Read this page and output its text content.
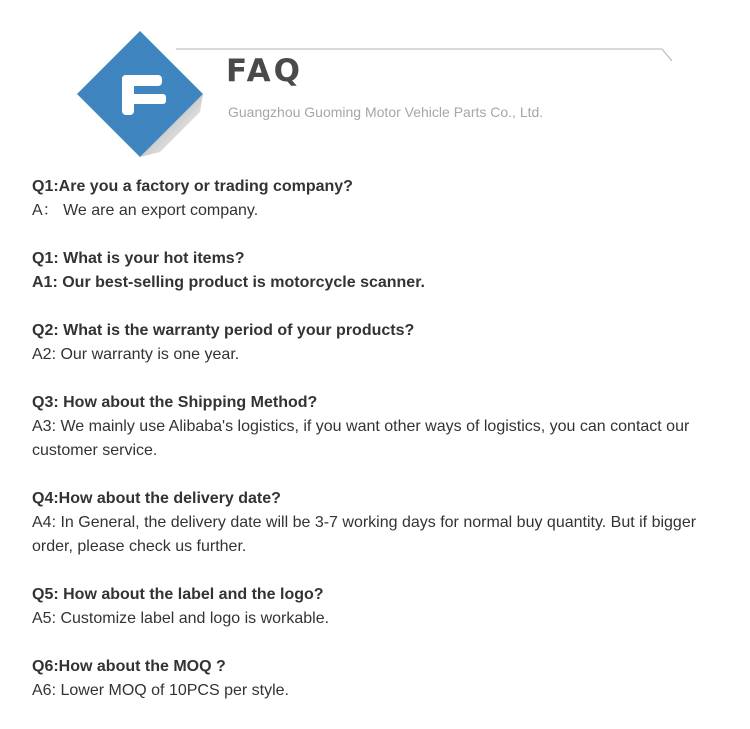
FAQ
Guangzhou Guoming Motor Vehicle Parts Co., Ltd.
Q1:Are you a factory or trading company?
A： We are an export company.
Q1: What is your hot items?
A1: Our best-selling product is motorcycle scanner.
Q2: What is the warranty period of your products?
A2: Our warranty is one year.
Q3: How about the Shipping Method?
A3: We mainly use Alibaba's logistics, if you want other ways of logistics, you can contact our customer service.
Q4:How about the delivery date?
A4: In General, the delivery date will be 3-7 working days for normal buy quantity. But if bigger order, please check us further.
Q5: How about the label and the logo?
A5: Customize label and logo is workable.
Q6:How about the MOQ ?
A6: Lower MOQ of 10PCS per style.
